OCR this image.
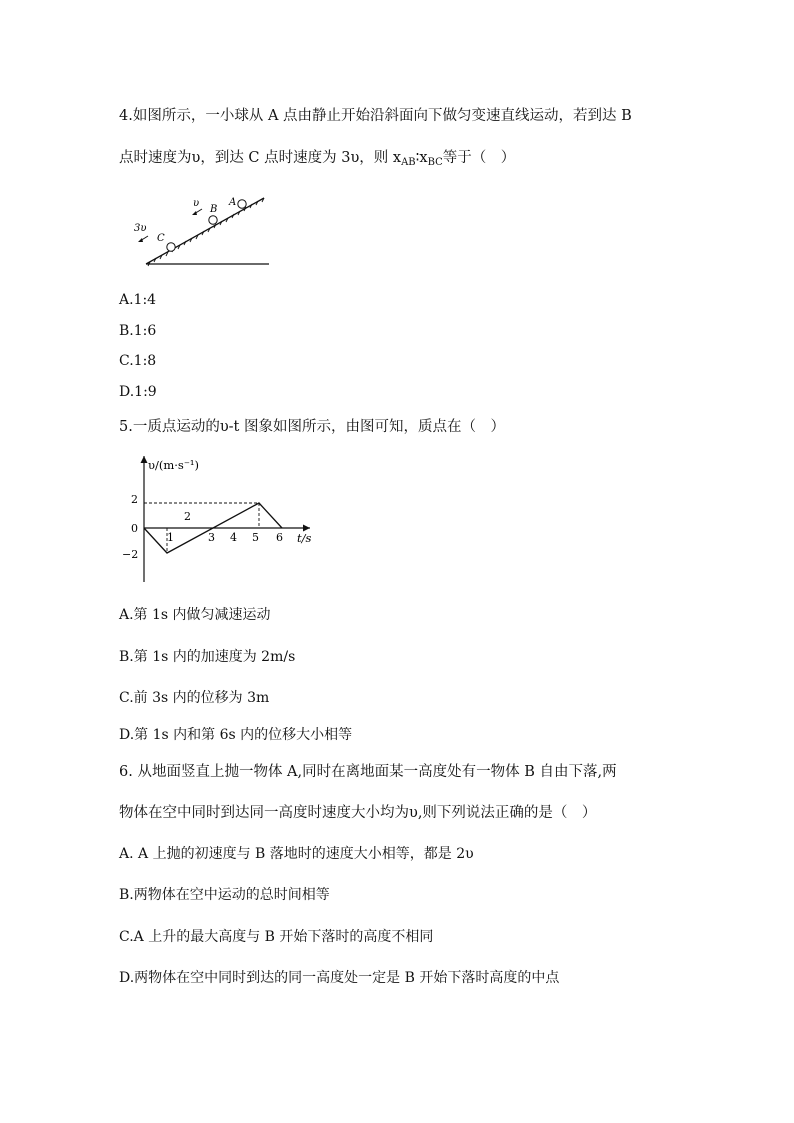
4.如图所示，一小球从 A 点由静止开始沿斜面向下做匀变速直线运动，若到达 B
点时速度为υ，到达 C 点时速度为 3υ，则 $x_{AB}∶x_{BC}$等于（　）
A
B
C
υ
3υ
A.1:4
B.1:6
C.1:8
D.1:9
5.一质点运动的υ-t 图象如图所示，由图可知，质点在（　）
υ/(m·s⁻¹)
t/s
2
0
−2
1
2
3 4 5 6
A.第 1s 内做匀减速运动
B.第 1s 内的加速度为 2m/s
C.前 3s 内的位移为 3m
D.第 1s 内和第 6s 内的位移大小相等
6. 从地面竖直上抛一物体 A,同时在离地面某一高度处有一物体 B 自由下落,两
物体在空中同时到达同一高度时速度大小均为υ,则下列说法正确的是（　）
A. A 上抛的初速度与 B 落地时的速度大小相等，都是 2υ
B.两物体在空中运动的总时间相等
C.A 上升的最大高度与 B 开始下落时的高度不相同
D.两物体在空中同时到达的同一高度处一定是 B 开始下落时高度的中点
